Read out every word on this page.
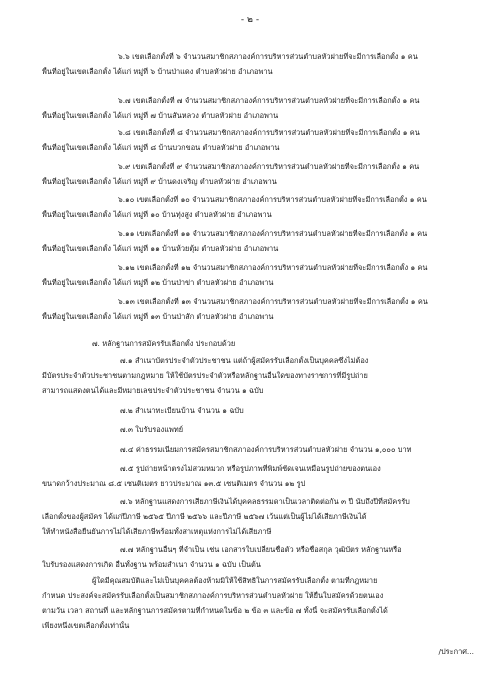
- ๒ -
๖.๖ เขตเลือกตั้งที่ ๖ จำนวนสมาชิกสภาองค์การบริหารส่วนตำบลหัวฝายที่จะมีการเลือกตั้ง ๑ คน
พื้นที่อยู่ในเขตเลือกตั้ง ได้แก่ หมู่ที่ ๖ บ้านป่าแดง ตำบลหัวฝาย อำเภอพาน
๖.๗ เขตเลือกตั้งที่ ๗ จำนวนสมาชิกสภาองค์การบริหารส่วนตำบลหัวฝายที่จะมีการเลือกตั้ง ๑ คน
พื้นที่อยู่ในเขตเลือกตั้ง ได้แก่ หมู่ที่ ๗ บ้านสันหลวง ตำบลหัวฝาย อำเภอพาน
๖.๘ เขตเลือกตั้งที่ ๘ จำนวนสมาชิกสภาองค์การบริหารส่วนตำบลหัวฝายที่จะมีการเลือกตั้ง ๑ คน
พื้นที่อยู่ในเขตเลือกตั้ง ได้แก่ หมู่ที่ ๘ บ้านบวกขอน ตำบลหัวฝาย อำเภอพาน
๖.๙ เขตเลือกตั้งที่ ๙ จำนวนสมาชิกสภาองค์การบริหารส่วนตำบลหัวฝายที่จะมีการเลือกตั้ง ๑ คน
พื้นที่อยู่ในเขตเลือกตั้ง ได้แก่ หมู่ที่ ๙ บ้านดงเจริญ ตำบลหัวฝาย อำเภอพาน
๖.๑๐ เขตเลือกตั้งที่ ๑๐ จำนวนสมาชิกสภาองค์การบริหารส่วนตำบลหัวฝายที่จะมีการเลือกตั้ง ๑ คน
พื้นที่อยู่ในเขตเลือกตั้ง ได้แก่ หมู่ที่ ๑๐ บ้านทุ่งสูง ตำบลหัวฝาย อำเภอพาน
๖.๑๑ เขตเลือกตั้งที่ ๑๑ จำนวนสมาชิกสภาองค์การบริหารส่วนตำบลหัวฝายที่จะมีการเลือกตั้ง ๑ คน
พื้นที่อยู่ในเขตเลือกตั้ง ได้แก่ หมู่ที่ ๑๑ บ้านห้วยตุ้ม ตำบลหัวฝาย อำเภอพาน
๖.๑๒ เขตเลือกตั้งที่ ๑๒ จำนวนสมาชิกสภาองค์การบริหารส่วนตำบลหัวฝายที่จะมีการเลือกตั้ง ๑ คน
พื้นที่อยู่ในเขตเลือกตั้ง ได้แก่ หมู่ที่ ๑๒ บ้านป่าข่า ตำบลหัวฝาย อำเภอพาน
๖.๑๓ เขตเลือกตั้งที่ ๑๓ จำนวนสมาชิกสภาองค์การบริหารส่วนตำบลหัวฝายที่จะมีการเลือกตั้ง ๑ คน
พื้นที่อยู่ในเขตเลือกตั้ง ได้แก่ หมู่ที่ ๑๓ บ้านป่าสัก ตำบลหัวฝาย อำเภอพาน
๗. หลักฐานการสมัครรับเลือกตั้ง ประกอบด้วย
๗.๑ สำเนาบัตรประจำตัวประชาชน แต่ถ้าผู้สมัครรับเลือกตั้งเป็นบุคคลซึ่งไม่ต้อง
มีบัตรประจำตัวประชาชนตามกฎหมาย ให้ใช้บัตรประจำตัวหรือหลักฐานอื่นใดของทางราชการที่มีรูปถ่าย
สามารถแสดงตนได้และมีหมายเลขประจำตัวประชาชน จำนวน ๑ ฉบับ
๗.๒ สำเนาทะเบียนบ้าน จำนวน ๑ ฉบับ
๗.๓ ใบรับรองแพทย์
๗.๔ ค่าธรรมเนียมการสมัครสมาชิกสภาองค์การบริหารส่วนตำบลหัวฝาย จำนวน ๑,๐๐๐ บาท
๗.๕ รูปถ่ายหน้าตรงไม่สวมหมวก หรือรูปภาพที่พิมพ์ชัดเจนเหมือนรูปถ่ายของตนเอง
ขนาดกว้างประมาณ ๘.๕ เซนติเมตร ยาวประมาณ ๑๓.๕ เซนติเมตร จำนวน ๑๒ รูป
๗.๖ หลักฐานแสดงการเสียภาษีเงินได้บุคคลธรรมดาเป็นเวลาติดต่อกัน ๓ ปี นับถึงปีที่สมัครรับ
เลือกตั้งของผู้สมัคร ได้แก่ปีภาษี ๒๕๖๕ ปีภาษี ๒๕๖๖ และปีภาษี ๒๕๖๗ เว้นแต่เป็นผู้ไม่ได้เสียภาษีเงินได้
ให้ทำหนังสือยืนยันการไม่ได้เสียภาษีพร้อมทั้งสาเหตุแห่งการไม่ได้เสียภาษี
๗.๗ หลักฐานอื่นๆ ที่จำเป็น เช่น เอกสารใบเปลี่ยนชื่อตัว หรือชื่อสกุล วุฒิบัตร หลักฐานหรือ
ใบรับรองแสดงการเกิด อื่นทั้งฐาน พร้อมสำเนา จำนวน ๑ ฉบับ เป็นต้น
ผู้ใดมีคุณสมบัติและไม่เป็นบุคคลต้องห้ามมิให้ใช้สิทธิในการสมัครรับเลือกตั้ง ตามที่กฎหมาย
กำหนด ประสงค์จะสมัครรับเลือกตั้งเป็นสมาชิกสภาองค์การบริหารส่วนตำบลหัวฝาย ให้ยื่นใบสมัครด้วยตนเอง
ตามวัน เวลา สถานที่ และหลักฐานการสมัครตามที่กำหนดในข้อ ๒ ข้อ ๓ และข้อ ๗ ทั้งนี้ จะสมัครรับเลือกตั้งได้
เพียงหนึ่งเขตเลือกตั้งเท่านั้น
/ประกาศ...
